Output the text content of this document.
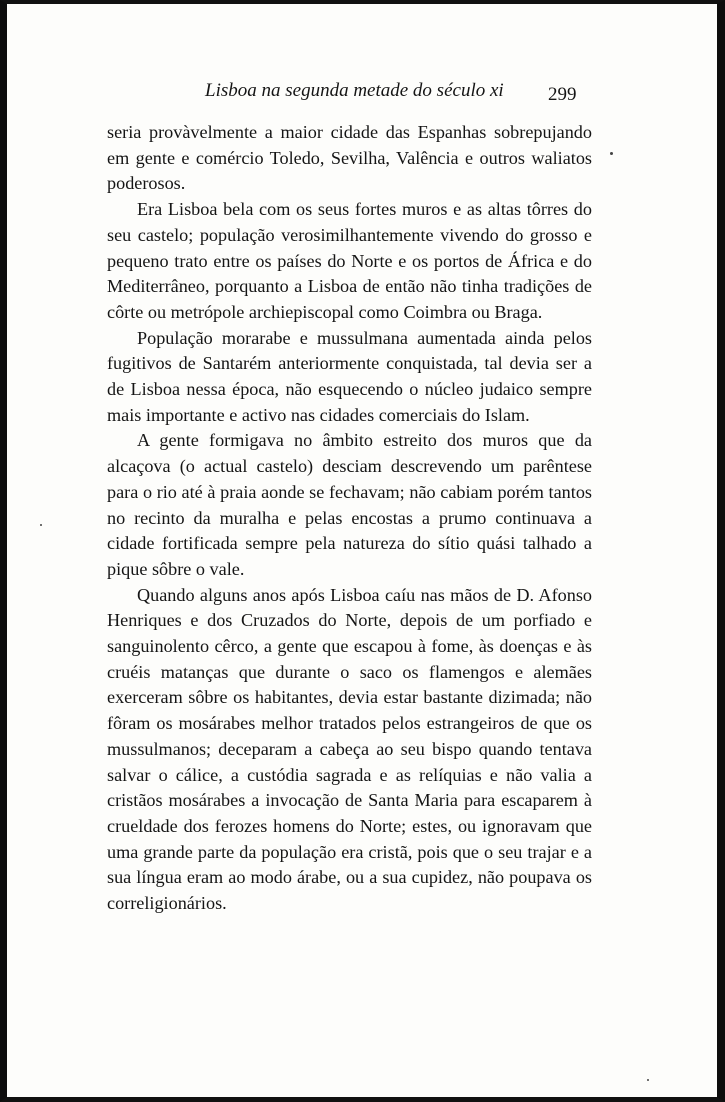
Lisboa na segunda metade do século xi 299

seria provàvelmente a maior cidade das Espanhas sobrepujando em gente e comércio Toledo, Sevilha, Valência e outros waliatos poderosos.

Era Lisboa bela com os seus fortes muros e as altas tôrres do seu castelo; população verosimilhantemente vivendo do grosso e pequeno trato entre os países do Norte e os portos de África e do Mediterrâneo, porquanto a Lisboa de então não tinha tradições de côrte ou metrópole archiepiscopal como Coimbra ou Braga.

População morarabe e mussulmana aumentada ainda pelos fugitivos de Santarém anteriormente conquistada, tal devia ser a de Lisboa nessa época, não esquecendo o núcleo judaico sempre mais importante e activo nas cidades comerciais do Islam.

A gente formigava no âmbito estreito dos muros que da alcaçova (o actual castelo) desciam descrevendo um parêntese para o rio até à praia aonde se fechavam; não cabiam porém tantos no recinto da muralha e pelas encostas a prumo continuava a cidade fortificada sempre pela natureza do sítio quási talhado a pique sôbre o vale.

Quando alguns anos após Lisboa caíu nas mãos de D. Afonso Henriques e dos Cruzados do Norte, depois de um porfiado e sanguinolento cêrco, a gente que escapou à fome, às doenças e às cruéis matanças que durante o saco os flamengos e alemães exerceram sôbre os habitantes, devia estar bastante dizimada; não fôram os mosárabes melhor tratados pelos estrangeiros de que os mussulmanos; deceparam a cabeça ao seu bispo quando tentava salvar o cálice, a custódia sagrada e as relíquias e não valia a cristãos mosárabes a invocação de Santa Maria para escaparem à crueldade dos ferozes homens do Norte; estes, ou ignoravam que uma grande parte da população era cristã, pois que o seu trajar e a sua língua eram ao modo árabe, ou a sua cupidez, não poupava os correligionários.
